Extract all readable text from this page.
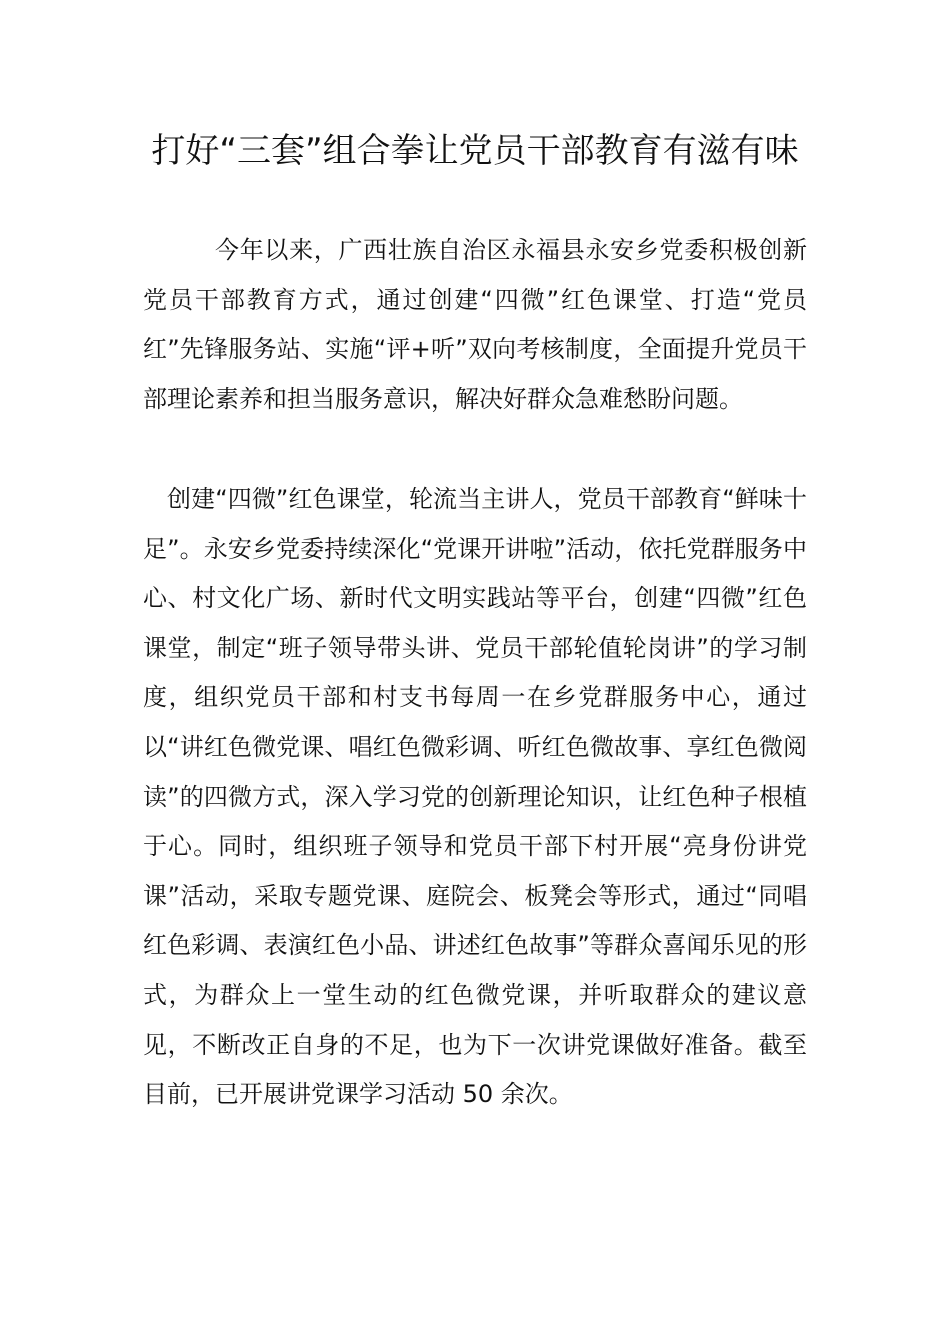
打好“三套”组合拳让党员干部教育有滋有味

今年以来，广西壮族自治区永福县永安乡党委积极创新党员干部教育方式，通过创建“四微”红色课堂、打造“党员红”先锋服务站、实施“评+听”双向考核制度，全面提升党员干部理论素养和担当服务意识，解决好群众急难愁盼问题。

创建“四微”红色课堂，轮流当主讲人，党员干部教育“鲜味十足”。永安乡党委持续深化“党课开讲啦”活动，依托党群服务中心、村文化广场、新时代文明实践站等平台，创建“四微”红色课堂，制定“班子领导带头讲、党员干部轮值轮岗讲”的学习制度，组织党员干部和村支书每周一在乡党群服务中心，通过以“讲红色微党课、唱红色微彩调、听红色微故事、享红色微阅读”的四微方式，深入学习党的创新理论知识，让红色种子根植于心。同时，组织班子领导和党员干部下村开展“亮身份讲党课”活动，采取专题党课、庭院会、板凳会等形式，通过“同唱红色彩调、表演红色小品、讲述红色故事”等群众喜闻乐见的形式，为群众上一堂生动的红色微党课，并听取群众的建议意见，不断改正自身的不足，也为下一次讲党课做好准备。截至目前，已开展讲党课学习活动 50 余次。
